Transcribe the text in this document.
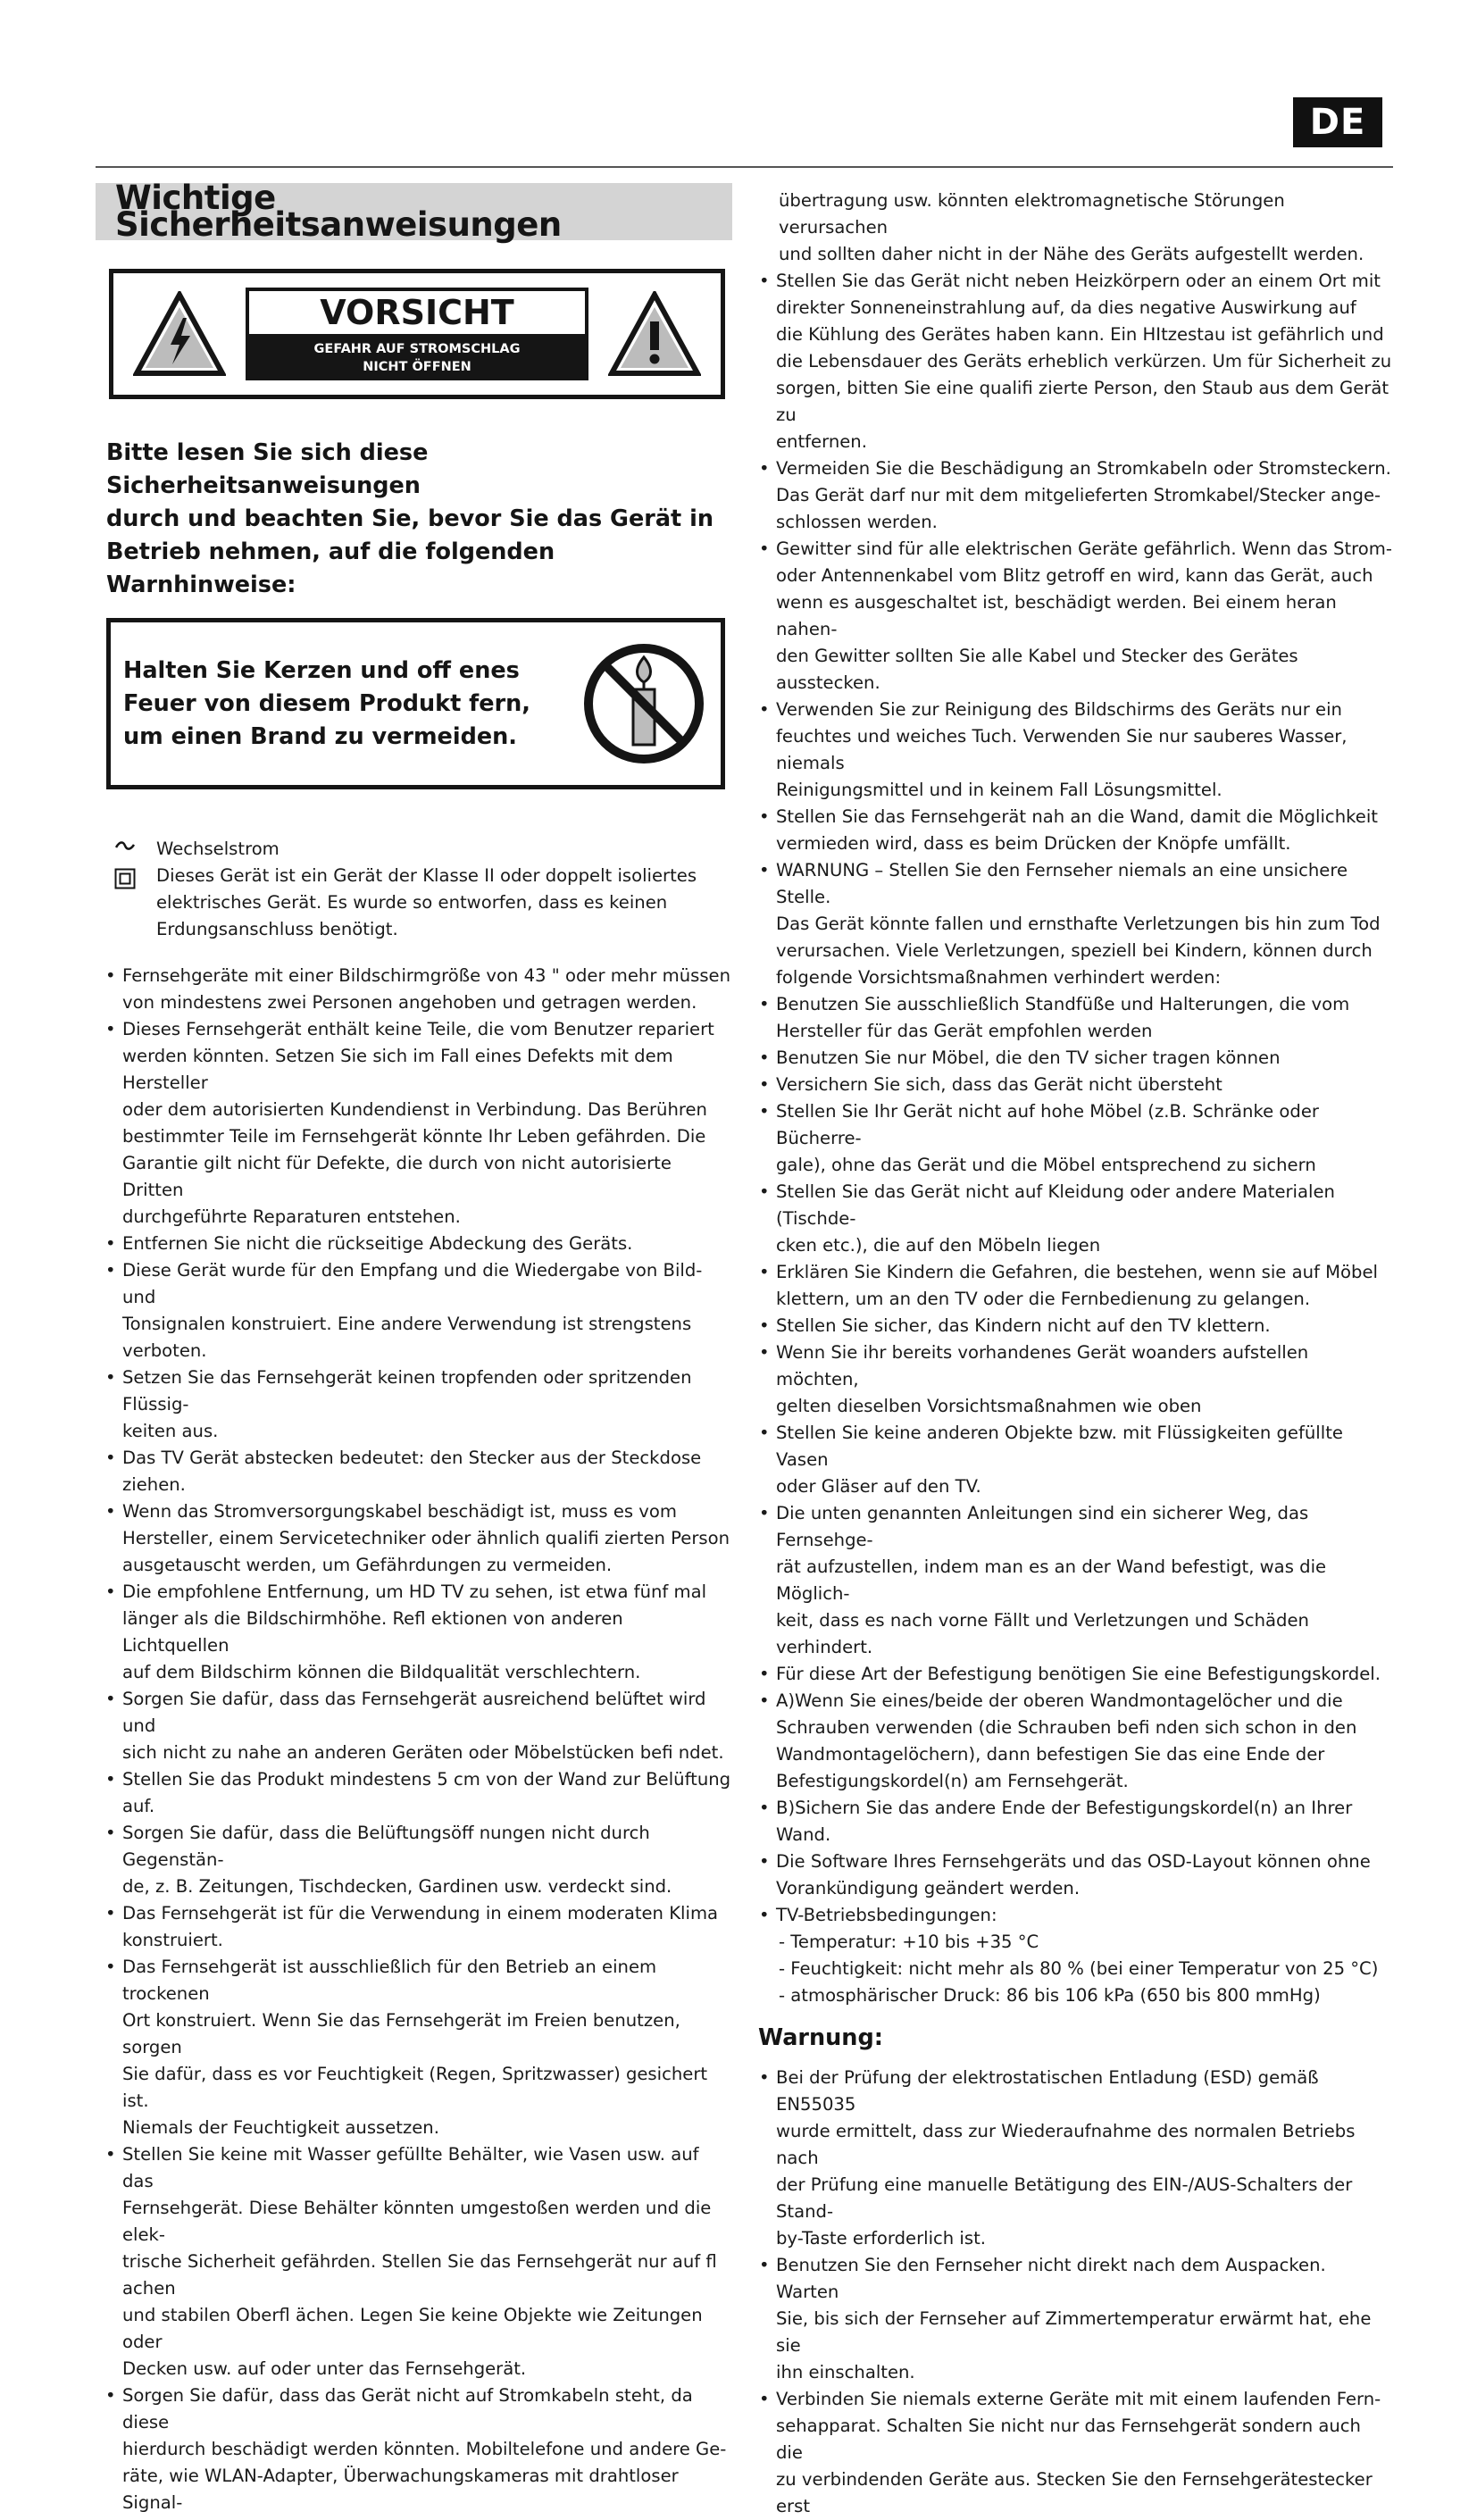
DE
Wichtige Sicherheitsanweisungen
VORSICHT
GEFAHR AUF STROMSCHLAG
NICHT ÖFFNEN
Bitte lesen Sie sich diese Sicherheitsanweisungen
durch und beachten Sie, bevor Sie das Gerät in
Betrieb nehmen, auf die folgenden Warnhinweise:
Halten Sie Kerzen und off enes
Feuer von diesem Produkt fern,
um einen Brand zu vermeiden.
Wechselstrom
Dieses Gerät ist ein Gerät der Klasse II oder doppelt isoliertes
elektrisches Gerät. Es wurde so entworfen, dass es keinen
Erdungsanschluss benötigt.
• Fernsehgeräte mit einer Bildschirmgröße von 43 " oder mehr müssen
von mindestens zwei Personen angehoben und getragen werden.
• Dieses Fernsehgerät enthält keine Teile, die vom Benutzer repariert
werden könnten. Setzen Sie sich im Fall eines Defekts mit dem Hersteller
oder dem autorisierten Kundendienst in Verbindung. Das Berühren
bestimmter Teile im Fernsehgerät könnte Ihr Leben gefährden. Die
Garantie gilt nicht für Defekte, die durch von nicht autorisierte Dritten
durchgeführte Reparaturen entstehen.
• Entfernen Sie nicht die rückseitige Abdeckung des Geräts.
• Diese Gerät wurde für den Empfang und die Wiedergabe von Bild- und
Tonsignalen konstruiert. Eine andere Verwendung ist strengstens
verboten.
• Setzen Sie das Fernsehgerät keinen tropfenden oder spritzenden Flüssig-
keiten aus.
• Das TV Gerät abstecken bedeutet: den Stecker aus der Steckdose ziehen.
• Wenn das Stromversorgungskabel beschädigt ist, muss es vom
Hersteller, einem Servicetechniker oder ähnlich qualifi zierten Person
ausgetauscht werden, um Gefährdungen zu vermeiden.
• Die empfohlene Entfernung, um HD TV zu sehen, ist etwa fünf mal
länger als die Bildschirmhöhe. Refl ektionen von anderen Lichtquellen
auf dem Bildschirm können die Bildqualität verschlechtern.
• Sorgen Sie dafür, dass das Fernsehgerät ausreichend belüftet wird und
sich nicht zu nahe an anderen Geräten oder Möbelstücken befi ndet.
• Stellen Sie das Produkt mindestens 5 cm von der Wand zur Belüftung auf.
• Sorgen Sie dafür, dass die Belüftungsöff nungen nicht durch Gegenstän-
de, z. B. Zeitungen, Tischdecken, Gardinen usw. verdeckt sind.
• Das Fernsehgerät ist für die Verwendung in einem moderaten Klima
konstruiert.
• Das Fernsehgerät ist ausschließlich für den Betrieb an einem trockenen
Ort konstruiert. Wenn Sie das Fernsehgerät im Freien benutzen, sorgen
Sie dafür, dass es vor Feuchtigkeit (Regen, Spritzwasser) gesichert ist.
Niemals der Feuchtigkeit aussetzen.
• Stellen Sie keine mit Wasser gefüllte Behälter, wie Vasen usw. auf das
Fernsehgerät. Diese Behälter könnten umgestoßen werden und die elek-
trische Sicherheit gefährden. Stellen Sie das Fernsehgerät nur auf fl achen
und stabilen Oberfl ächen. Legen Sie keine Objekte wie Zeitungen oder
Decken usw. auf oder unter das Fernsehgerät.
• Sorgen Sie dafür, dass das Gerät nicht auf Stromkabeln steht, da diese
hierdurch beschädigt werden könnten. Mobiltelefone und andere Ge-
räte, wie WLAN-Adapter, Überwachungskameras mit drahtloser Signal-
übertragung usw. könnten elektromagnetische Störungen verursachen
und sollten daher nicht in der Nähe des Geräts aufgestellt werden.
• Stellen Sie das Gerät nicht neben Heizkörpern oder an einem Ort mit
direkter Sonneneinstrahlung auf, da dies negative Auswirkung auf
die Kühlung des Gerätes haben kann. Ein HItzestau ist gefährlich und
die Lebensdauer des Geräts erheblich verkürzen. Um für Sicherheit zu
sorgen, bitten Sie eine qualifi zierte Person, den Staub aus dem Gerät zu
entfernen.
• Vermeiden Sie die Beschädigung an Stromkabeln oder Stromsteckern.
Das Gerät darf nur mit dem mitgelieferten Stromkabel/Stecker ange-
schlossen werden.
• Gewitter sind für alle elektrischen Geräte gefährlich. Wenn das Strom-
oder Antennenkabel vom Blitz getroff en wird, kann das Gerät, auch
wenn es ausgeschaltet ist, beschädigt werden. Bei einem heran nahen-
den Gewitter sollten Sie alle Kabel und Stecker des Gerätes ausstecken.
• Verwenden Sie zur Reinigung des Bildschirms des Geräts nur ein
feuchtes und weiches Tuch. Verwenden Sie nur sauberes Wasser, niemals
Reinigungsmittel und in keinem Fall Lösungsmittel.
• Stellen Sie das Fernsehgerät nah an die Wand, damit die Möglichkeit
vermieden wird, dass es beim Drücken der Knöpfe umfällt.
• WARNUNG – Stellen Sie den Fernseher niemals an eine unsichere Stelle.
Das Gerät könnte fallen und ernsthafte Verletzungen bis hin zum Tod
verursachen. Viele Verletzungen, speziell bei Kindern, können durch
folgende Vorsichtsmaßnahmen verhindert werden:
• Benutzen Sie ausschließlich Standfüße und Halterungen, die vom
Hersteller für das Gerät empfohlen werden
• Benutzen Sie nur Möbel, die den TV sicher tragen können
• Versichern Sie sich, dass das Gerät nicht übersteht
• Stellen Sie Ihr Gerät nicht auf hohe Möbel (z.B. Schränke oder Bücherre-
gale), ohne das Gerät und die Möbel entsprechend zu sichern
• Stellen Sie das Gerät nicht auf Kleidung oder andere Materialen (Tischde-
cken etc.), die auf den Möbeln liegen
• Erklären Sie Kindern die Gefahren, die bestehen, wenn sie auf Möbel
klettern, um an den TV oder die Fernbedienung zu gelangen.
• Stellen Sie sicher, das Kindern nicht auf den TV klettern.
• Wenn Sie ihr bereits vorhandenes Gerät woanders aufstellen möchten,
gelten dieselben Vorsichtsmaßnahmen wie oben
• Stellen Sie keine anderen Objekte bzw. mit Flüssigkeiten gefüllte Vasen
oder Gläser auf den TV.
• Die unten genannten Anleitungen sind ein sicherer Weg, das Fernsehge-
rät aufzustellen, indem man es an der Wand befestigt, was die Möglich-
keit, dass es nach vorne Fällt und Verletzungen und Schäden verhindert.
• Für diese Art der Befestigung benötigen Sie eine Befestigungskordel.
• A)Wenn Sie eines/beide der oberen Wandmontagelöcher und die
Schrauben verwenden (die Schrauben befi nden sich schon in den
Wandmontagelöchern), dann befestigen Sie das eine Ende der
Befestigungskordel(n) am Fernsehgerät.
• B)Sichern Sie das andere Ende der Befestigungskordel(n) an Ihrer Wand.
• Die Software Ihres Fernsehgeräts und das OSD-Layout können ohne
Vorankündigung geändert werden.
• TV-Betriebsbedingungen:
- Temperatur: +10 bis +35 °C
- Feuchtigkeit: nicht mehr als 80 % (bei einer Temperatur von 25 °C)
- atmosphärischer Druck: 86 bis 106 kPa (650 bis 800 mmHg)
Warnung:
• Bei der Prüfung der elektrostatischen Entladung (ESD) gemäß EN55035
wurde ermittelt, dass zur Wiederaufnahme des normalen Betriebs nach
der Prüfung eine manuelle Betätigung des EIN-/AUS-Schalters der Stand-
by-Taste erforderlich ist.
• Benutzen Sie den Fernseher nicht direkt nach dem Auspacken. Warten
Sie, bis sich der Fernseher auf Zimmertemperatur erwärmt hat, ehe sie
ihn einschalten.
• Verbinden Sie niemals externe Geräte mit mit einem laufenden Fern-
sehapparat. Schalten Sie nicht nur das Fernsehgerät sondern auch die
zu verbindenden Geräte aus. Stecken Sie den Fernsehgerätestecker erst
